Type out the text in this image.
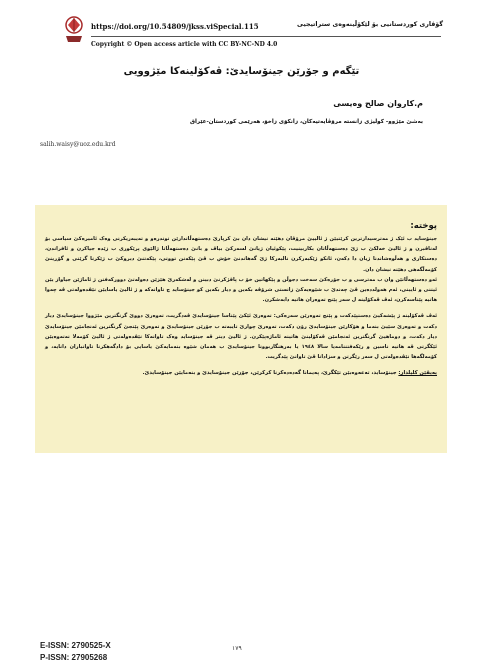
https://doi.org/10.54809/jkss.viSpecial.115	گۆڤاری کوردستانیی بۆ لێکۆڵینەوەی ستراتیجیی
Copyright © Open access article with CC BY-NC-ND 4.0
تێگەم و جۆرێن جینۆسایدێ: ڤەکۆلینەکا مێژوویی
م.کاروان صالح وەیسی
بەشێ مێژوو- کولیژی زانستە مرۆڤایەتیەکان، زانکۆی زاخۆ، هەرێمی کوردستان-عێراق
salih.waisy@uoz.edu.krd
پوختە:

جینۆساید ب ئێک ژ مەترسیدارترین کرێتیێن ژ ئالییێ مرۆڤان دهێتە نیشان دان بێ کرپارێ دەستهەڵاتدارێن توندرەو و تەیبەریکرنی وەک ئامیرەکێ سیاسی بۆ لەناڤبرن و ژ ئالیێ خەلکێ ب ژێ دەستهەڵاتان بکاربینیت، پێکوئیان ژیانێ لسەرکێ بیاڤ و بانێ دەستهەڵاتا ژالێوی پرێکوری ب زێدە جیاکرن و ئافراندن، دەستکاری و هەڵوەشاندنا ژیان دا دکەن، ئانکو ژێکبەرکرن نالبەرکا ژێ گەهاندنێ خۆش ب ڤێ پێکەنن تووتی، پێکەتنێ دیروکێ ب ژێکرنا گرێتی و گۆڕینێ کۆمەڵگەهی دهێتە نیشان دان.

ئەو دەستهەڵاتێن وان ب مەترسی و ب جۆرەکێ سەخت دجوڵن و پێکهاتین خۆ ب پاقژکرنێ دبینن و لەشکەرێ هێزێن دەولەتێ دوورکەفتن ژ ئاماژێن جیاواز یێن ئیتنی و ئایینی، ئەم هەولددەین ڤێ چەندێ ب شێوەیەکێ زانستی شرۆڤە بکەین و دیار بکەین کو جینۆساید چ تاوانەکە و ژ ئالیێ یاسایێن نێڤدەولەتی ڤە چەوا هاتیە پێناسەکرن، ئەڤ ڤەکۆلینە ل سەر پێنج تەوەران هاتیە دابەشکرن.

ئەڤ ڤەکۆلینە ژ پێشەکیێ دەستپێدکەت و پێنج تەوەرێن سەرەکی: تەوەرێ ئێکێ پێناسا جینۆسایدێ ڤەدگریت، تەوەرێ دووێ گرنگترین مێژووا جینۆسایدێ دیار دکەت و تەوەرێ سێیێ بنەما و هۆکارێن جینۆسایدێ رۆن دکەت، تەوەرێ چوارێ تایبەتە ب جۆرێن جینۆسایدێ و تەوەرێ پێنجێ گرنگترین ئەنجامێن جینۆسایدێ دیار دکەت، و دوماهیێ گرنگترین ئەنجامێن ڤەکۆلینێ هاتینە ئاماژەپێکرن. ژ ئالیێ دیتر ڤە جینۆساید وەک تاوانەکا نێڤدەولەتی ژ ئالیێ کۆمەلا نەتەوەیێن ئێکگرتی ڤە هاتیە ناسین و رێکەفتننامەیا سالا ١٩٤٨ یا بەرهنگاربوونا جینۆسایدێ ب هەمان شێوە بنەمایەکێ یاسایی بۆ دادگەهکرنا تاوانباران دانایە، و کۆمەلگەها نێڤدەولەتی ل سەر رێگرتن و سزادانا ڤێ تاوانێ پێدگریت.

پەیڤێن کلیلدار: جینۆساید، تەعەوەبێن تێکگرێ، پەیمانا گەدەدەکرنا کرکرێن، جۆرێن جینۆسایدێ و بنەمایێن جینۆسایدێ.
E-ISSN: 2790525-X
P-ISSN: 27905268
١٧٩
